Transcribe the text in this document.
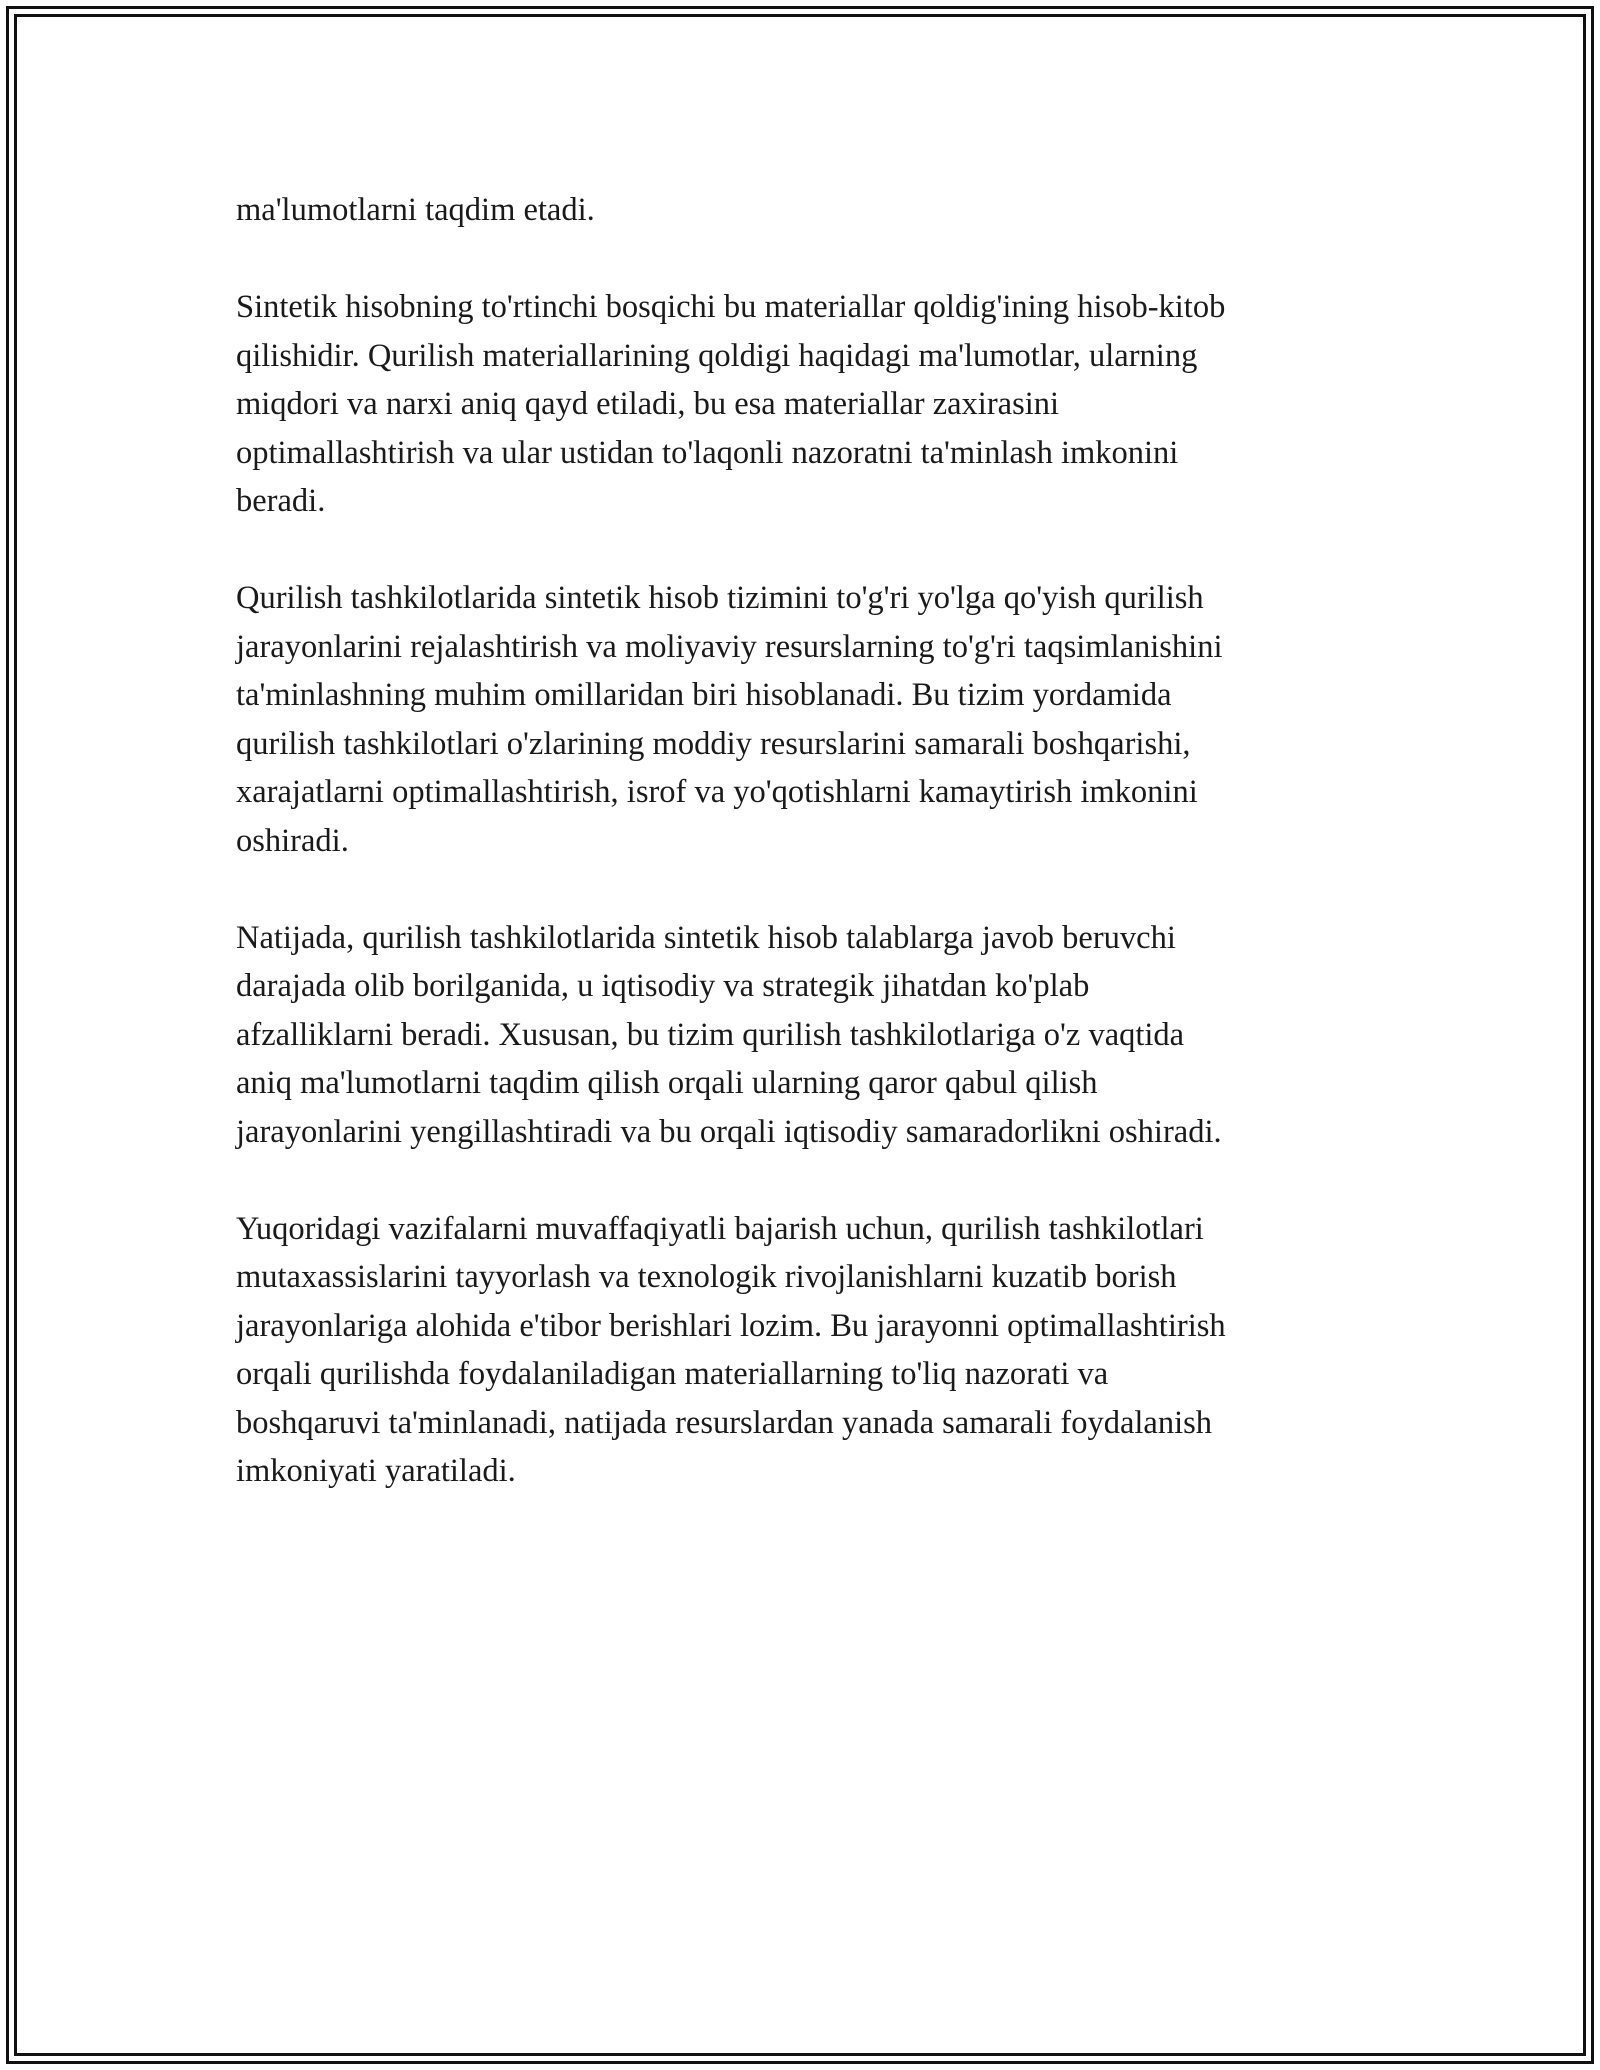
ma'lumotlarni taqdim etadi.

Sintetik hisobning to'rtinchi bosqichi bu materiallar qoldig'ining hisob-kitob
qilishidir. Qurilish materiallarining qoldigi haqidagi ma'lumotlar, ularning
miqdori va narxi aniq qayd etiladi, bu esa materiallar zaxirasini
optimallashtirish va ular ustidan to'laqonli nazoratni ta'minlash imkonini
beradi.

Qurilish tashkilotlarida sintetik hisob tizimini to'g'ri yo'lga qo'yish qurilish
jarayonlarini rejalashtirish va moliyaviy resurslarning to'g'ri taqsimlanishini
ta'minlashning muhim omillaridan biri hisoblanadi. Bu tizim yordamida
qurilish tashkilotlari o'zlarining moddiy resurslarini samarali boshqarishi,
xarajatlarni optimallashtirish, isrof va yo'qotishlarni kamaytirish imkonini
oshiradi.

Natijada, qurilish tashkilotlarida sintetik hisob talablarga javob beruvchi
darajada olib borilganida, u iqtisodiy va strategik jihatdan ko'plab
afzalliklarni beradi. Xususan, bu tizim qurilish tashkilotlariga o'z vaqtida
aniq ma'lumotlarni taqdim qilish orqali ularning qaror qabul qilish
jarayonlarini yengillashtiradi va bu orqali iqtisodiy samaradorlikni oshiradi.

Yuqoridagi vazifalarni muvaffaqiyatli bajarish uchun, qurilish tashkilotlari
mutaxassislarini tayyorlash va texnologik rivojlanishlarni kuzatib borish
jarayonlariga alohida e'tibor berishlari lozim. Bu jarayonni optimallashtirish
orqali qurilishda foydalaniladigan materiallarning to'liq nazorati va
boshqaruvi ta'minlanadi, natijada resurslardan yanada samarali foydalanish
imkoniyati yaratiladi.
